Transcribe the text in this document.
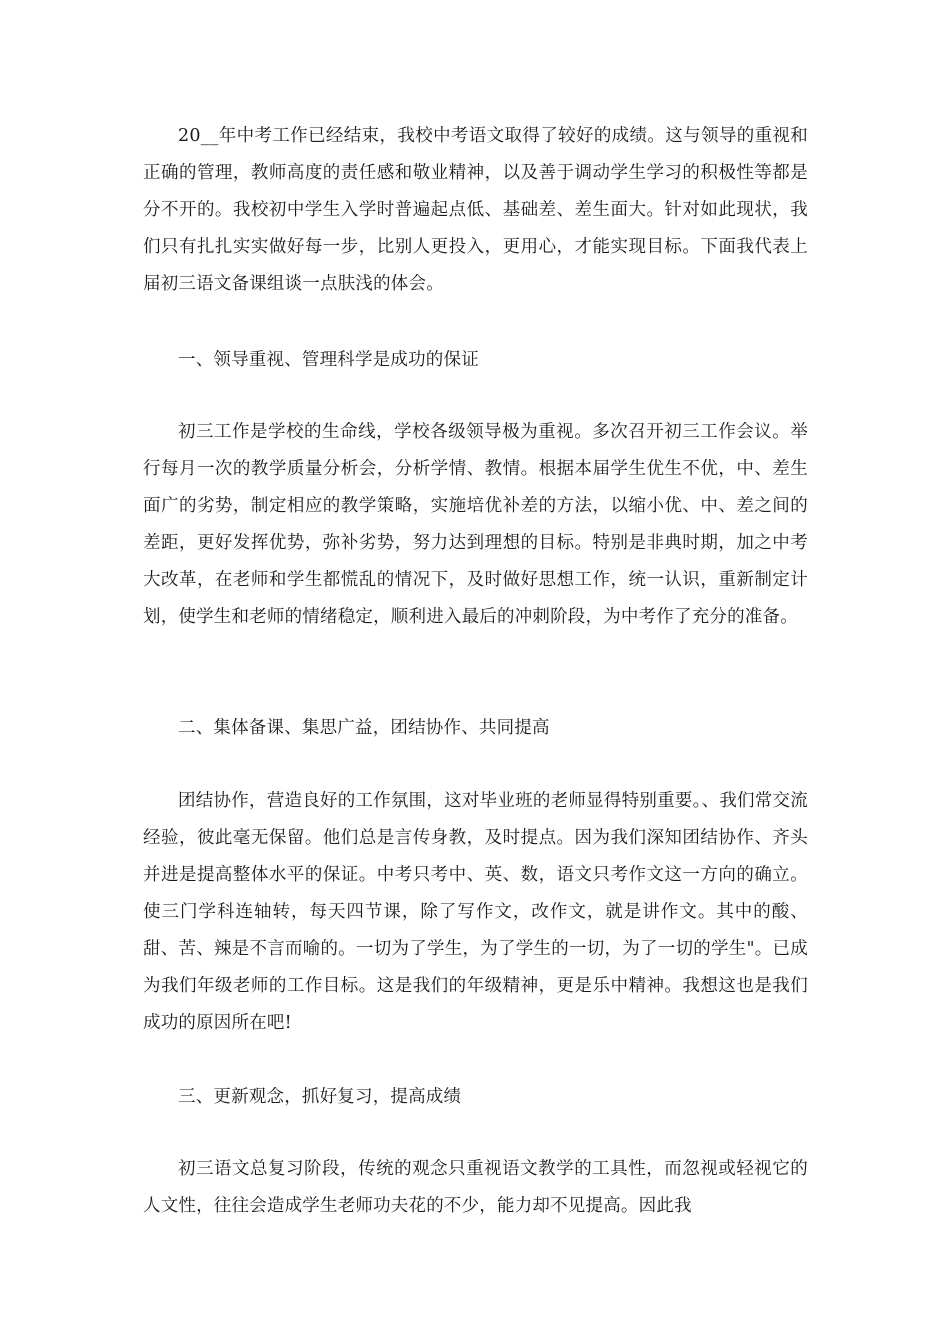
20__年中考工作已经结束，我校中考语文取得了较好的成绩。这与领导的重视和正确的管理，教师高度的责任感和敬业精神，以及善于调动学生学习的积极性等都是分不开的。我校初中学生入学时普遍起点低、基础差、差生面大。针对如此现状，我们只有扎扎实实做好每一步，比别人更投入，更用心，才能实现目标。下面我代表上届初三语文备课组谈一点肤浅的体会。

一、领导重视、管理科学是成功的保证

初三工作是学校的生命线，学校各级领导极为重视。多次召开初三工作会议。举行每月一次的教学质量分析会，分析学情、教情。根据本届学生优生不优，中、差生面广的劣势，制定相应的教学策略，实施培优补差的方法，以缩小优、中、差之间的差距，更好发挥优势，弥补劣势，努力达到理想的目标。特别是非典时期，加之中考大改革，在老师和学生都慌乱的情况下，及时做好思想工作，统一认识，重新制定计划，使学生和老师的情绪稳定，顺利进入最后的冲刺阶段，为中考作了充分的准备。

二、集体备课、集思广益，团结协作、共同提高

团结协作，营造良好的工作氛围，这对毕业班的老师显得特别重要。、我们常交流经验，彼此毫无保留。他们总是言传身教，及时提点。因为我们深知团结协作、齐头并进是提高整体水平的保证。中考只考中、英、数，语文只考作文这一方向的确立。使三门学科连轴转，每天四节课，除了写作文，改作文，就是讲作文。其中的酸、甜、苦、辣是不言而喻的。一切为了学生，为了学生的一切，为了一切的学生"。已成为我们年级老师的工作目标。这是我们的年级精神，更是乐中精神。我想这也是我们成功的原因所在吧!

三、更新观念，抓好复习，提高成绩

初三语文总复习阶段，传统的观念只重视语文教学的工具性，而忽视或轻视它的人文性，往往会造成学生老师功夫花的不少，能力却不见提高。因此我
